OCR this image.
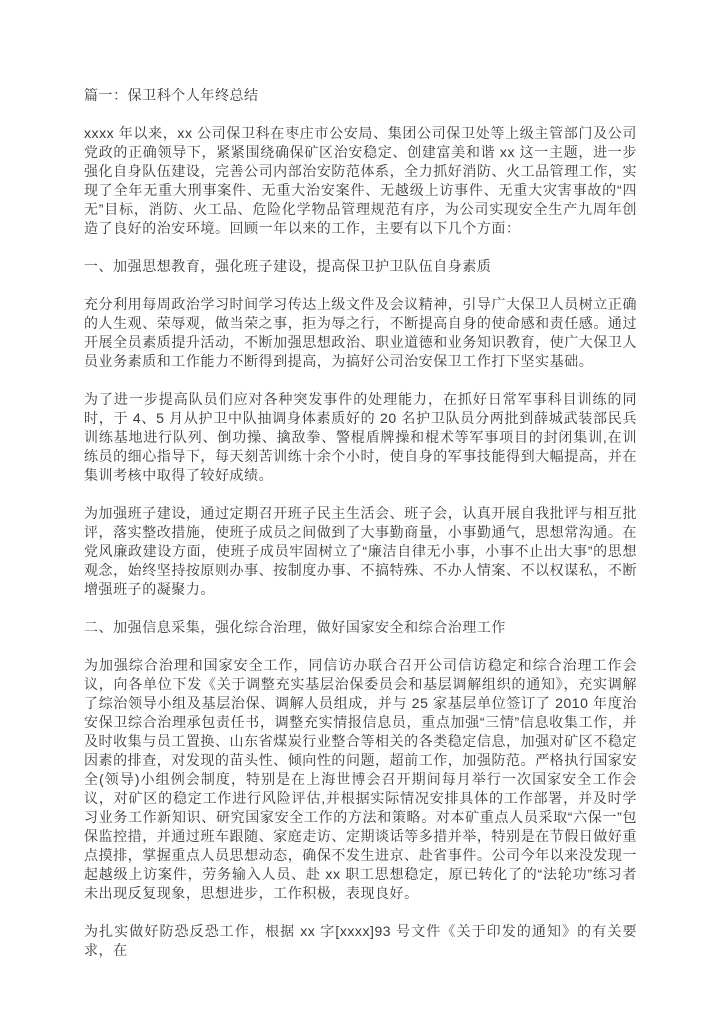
篇一：保卫科个人年终总结

xxxx 年以来，xx 公司保卫科在枣庄市公安局、集团公司保卫处等上级主管部门及公司党政的正确领导下，紧紧围绕确保矿区治安稳定、创建富美和谐 xx 这一主题，进一步强化自身队伍建设，完善公司内部治安防范体系，全力抓好消防、火工品管理工作，实现了全年无重大刑事案件、无重大治安案件、无越级上访事件、无重大灾害事故的“四无”目标，消防、火工品、危险化学物品管理规范有序，为公司实现安全生产九周年创造了良好的治安环境。回顾一年以来的工作，主要有以下几个方面：

一、加强思想教育，强化班子建设，提高保卫护卫队伍自身素质

充分利用每周政治学习时间学习传达上级文件及会议精神，引导广大保卫人员树立正确的人生观、荣辱观，做当荣之事，拒为辱之行，不断提高自身的使命感和责任感。通过开展全员素质提升活动，不断加强思想政治、职业道德和业务知识教育，使广大保卫人员业务素质和工作能力不断得到提高，为搞好公司治安保卫工作打下坚实基础。

为了进一步提高队员们应对各种突发事件的处理能力，在抓好日常军事科目训练的同时，于 4、5 月从护卫中队抽调身体素质好的 20 名护卫队员分两批到薛城武装部民兵训练基地进行队列、倒功操、擒敌拳、警棍盾牌操和棍术等军事项目的封闭集训,在训练员的细心指导下，每天刻苦训练十余个小时，使自身的军事技能得到大幅提高，并在集训考核中取得了较好成绩。

为加强班子建设，通过定期召开班子民主生活会、班子会，认真开展自我批评与相互批评，落实整改措施，使班子成员之间做到了大事勤商量，小事勤通气，思想常沟通。在党风廉政建设方面，使班子成员牢固树立了“廉洁自律无小事，小事不止出大事”的思想观念，始终坚持按原则办事、按制度办事、不搞特殊、不办人情案、不以权谋私，不断增强班子的凝聚力。

二、加强信息采集，强化综合治理，做好国家安全和综合治理工作

为加强综合治理和国家安全工作，同信访办联合召开公司信访稳定和综合治理工作会议，向各单位下发《关于调整充实基层治保委员会和基层调解组织的通知》，充实调解了综治领导小组及基层治保、调解人员组成，并与 25 家基层单位签订了 2010 年度治安保卫综合治理承包责任书，调整充实情报信息员，重点加强“三情”信息收集工作，并及时收集与员工置换、山东省煤炭行业整合等相关的各类稳定信息，加强对矿区不稳定因素的排查，对发现的苗头性、倾向性的问题，超前工作，加强防范。严格执行国家安全(领导)小组例会制度，特别是在上海世博会召开期间每月举行一次国家安全工作会议，对矿区的稳定工作进行风险评估,并根据实际情况安排具体的工作部署，并及时学习业务工作新知识、研究国家安全工作的方法和策略。对本矿重点人员采取“六保一”包保监控措，并通过班车跟随、家庭走访、定期谈话等多措并举，特别是在节假日做好重点摸排，掌握重点人员思想动态，确保不发生进京、赴省事件。公司今年以来没发现一起越级上访案件，劳务输入人员、赴 xx 职工思想稳定，原已转化了的“法轮功”练习者未出现反复现象，思想进步，工作积极，表现良好。

为扎实做好防恐反恐工作，根据 xx 字[xxxx]93 号文件《关于印发的通知》的有关要求，在
